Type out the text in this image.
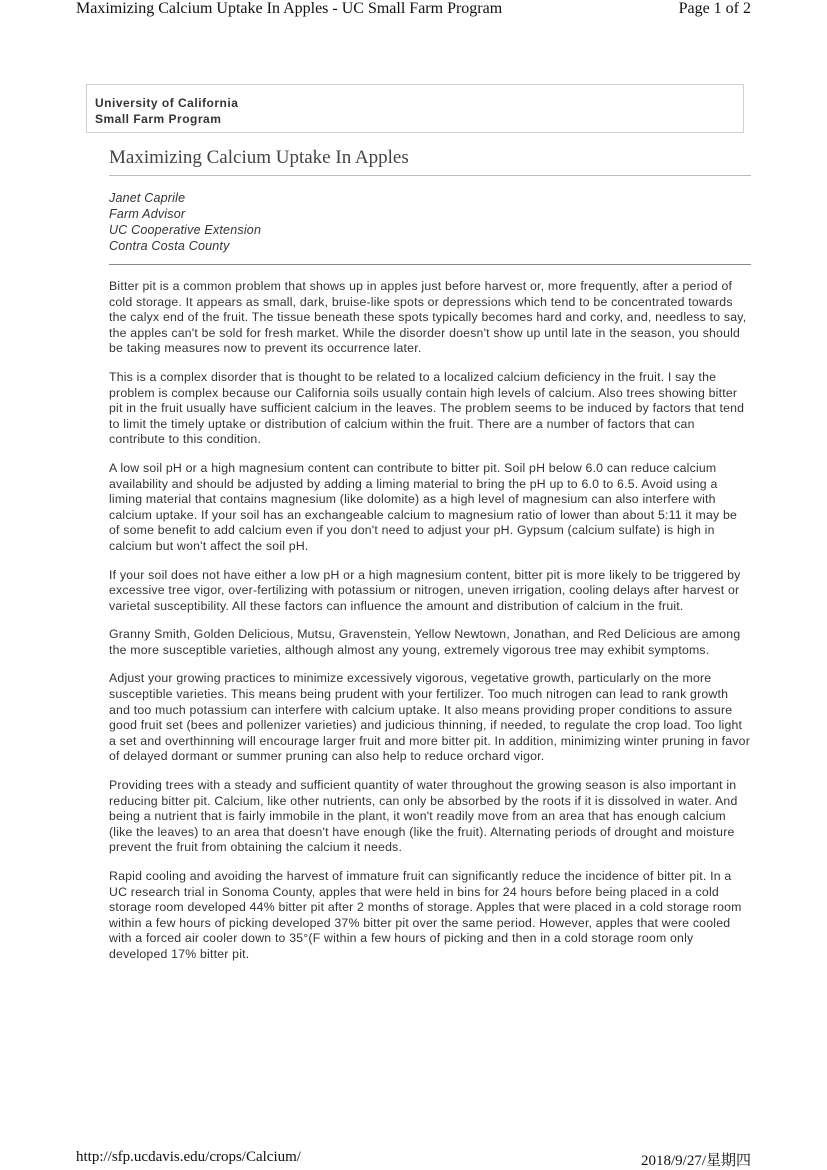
Maximizing Calcium Uptake In Apples - UC Small Farm Program	Page 1 of 2
University of California
Small Farm Program
Maximizing Calcium Uptake In Apples
Janet Caprile
Farm Advisor
UC Cooperative Extension
Contra Costa County

Bitter pit is a common problem that shows up in apples just before harvest or, more frequently, after a period of cold storage. It appears as small, dark, bruise-like spots or depressions which tend to be concentrated towards the calyx end of the fruit. The tissue beneath these spots typically becomes hard and corky, and, needless to say, the apples can't be sold for fresh market. While the disorder doesn't show up until late in the season, you should be taking measures now to prevent its occurrence later.

This is a complex disorder that is thought to be related to a localized calcium deficiency in the fruit. I say the problem is complex because our California soils usually contain high levels of calcium. Also trees showing bitter pit in the fruit usually have sufficient calcium in the leaves. The problem seems to be induced by factors that tend to limit the timely uptake or distribution of calcium within the fruit. There are a number of factors that can contribute to this condition.

A low soil pH or a high magnesium content can contribute to bitter pit. Soil pH below 6.0 can reduce calcium availability and should be adjusted by adding a liming material to bring the pH up to 6.0 to 6.5. Avoid using a liming material that contains magnesium (like dolomite) as a high level of magnesium can also interfere with calcium uptake. If your soil has an exchangeable calcium to magnesium ratio of lower than about 5:11 it may be of some benefit to add calcium even if you don't need to adjust your pH. Gypsum (calcium sulfate) is high in calcium but won't affect the soil pH.

If your soil does not have either a low pH or a high magnesium content, bitter pit is more likely to be triggered by excessive tree vigor, over-fertilizing with potassium or nitrogen, uneven irrigation, cooling delays after harvest or varietal susceptibility. All these factors can influence the amount and distribution of calcium in the fruit.

Granny Smith, Golden Delicious, Mutsu, Gravenstein, Yellow Newtown, Jonathan, and Red Delicious are among the more susceptible varieties, although almost any young, extremely vigorous tree may exhibit symptoms.

Adjust your growing practices to minimize excessively vigorous, vegetative growth, particularly on the more susceptible varieties. This means being prudent with your fertilizer. Too much nitrogen can lead to rank growth and too much potassium can interfere with calcium uptake. It also means providing proper conditions to assure good fruit set (bees and pollenizer varieties) and judicious thinning, if needed, to regulate the crop load. Too light a set and overthinning will encourage larger fruit and more bitter pit. In addition, minimizing winter pruning in favor of delayed dormant or summer pruning can also help to reduce orchard vigor.

Providing trees with a steady and sufficient quantity of water throughout the growing season is also important in reducing bitter pit. Calcium, like other nutrients, can only be absorbed by the roots if it is dissolved in water. And being a nutrient that is fairly immobile in the plant, it won't readily move from an area that has enough calcium (like the leaves) to an area that doesn't have enough (like the fruit). Alternating periods of drought and moisture prevent the fruit from obtaining the calcium it needs.

Rapid cooling and avoiding the harvest of immature fruit can significantly reduce the incidence of bitter pit. In a UC research trial in Sonoma County, apples that were held in bins for 24 hours before being placed in a cold storage room developed 44% bitter pit after 2 months of storage. Apples that were placed in a cold storage room within a few hours of picking developed 37% bitter pit over the same period. However, apples that were cooled with a forced air cooler down to 35°(F within a few hours of picking and then in a cold storage room only developed 17% bitter pit.

http://sfp.ucdavis.edu/crops/Calcium/	2018/9/27/星期四
